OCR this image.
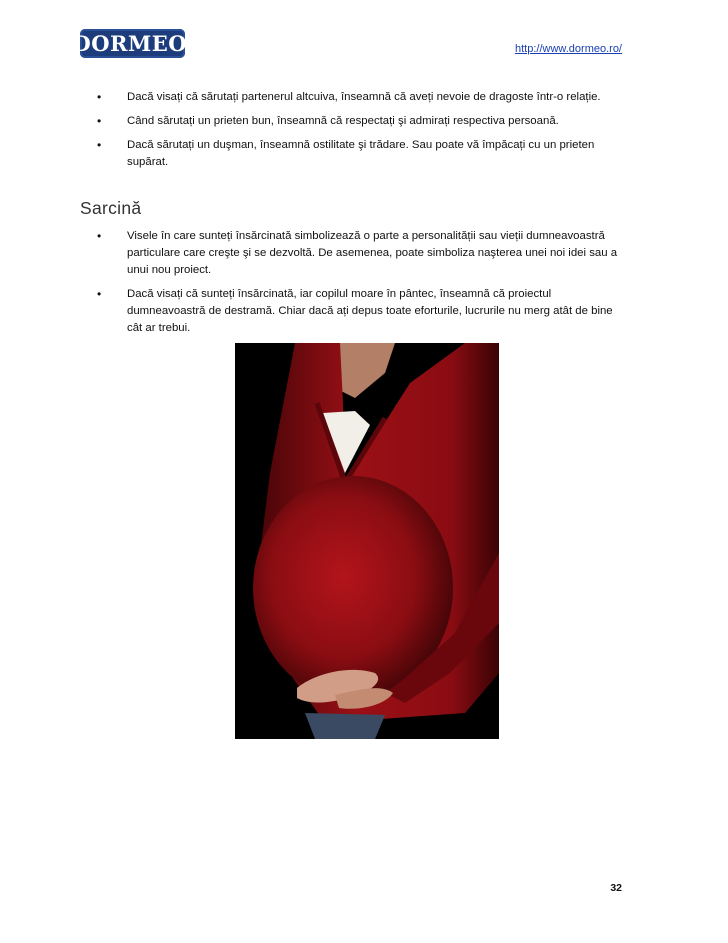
DORMEO ®	http://www.dormeo.ro/
• Dacă visați că sărutați partenerul altcuiva, înseamnă că aveți nevoie de dragoste într-o relație.
• Când sărutați un prieten bun, înseamnă că respectați şi admirați respectiva persoană.
• Dacă sărutați un duşman, înseamnă ostilitate şi trădare. Sau poate vă împăcați cu un prieten supărat.
Sarcină
• Visele în care sunteți însărcinată simbolizează o parte a personalității sau vieții dumneavoastră particulare care creşte şi se dezvoltă. De asemenea, poate simboliza naşterea unei noi idei sau a unui nou proiect.
• Dacă visați că sunteți însărcinată, iar copilul moare în pântec, înseamnă că proiectul dumneavoastră de destramă. Chiar dacă ați depus toate eforturile, lucrurile nu merg atât de bine cât ar trebui.
32
